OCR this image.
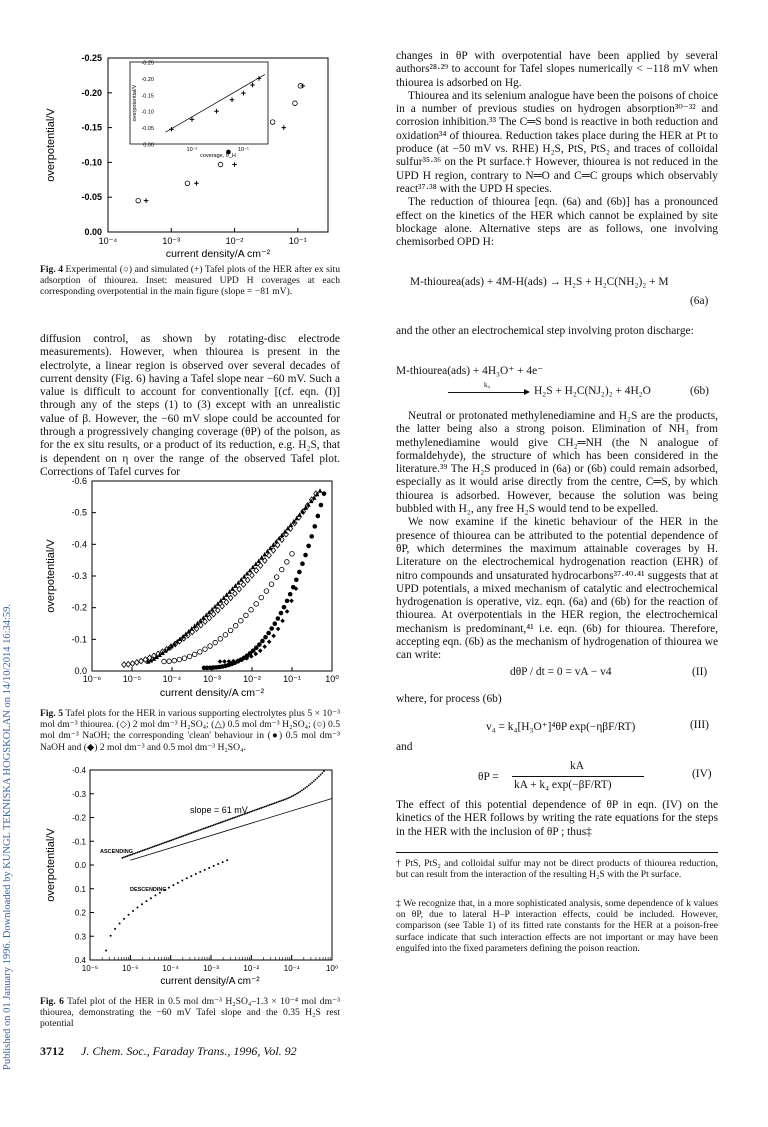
Published on 01 January 1996. Downloaded by KUNGL TEKNISKA HOGSKOLAN on 14/10/2014 16:34:59.
10⁻⁴	10⁻³	10⁻²	10⁻¹
0.00
-0.05
-0.10
-0.15
-0.20
-0.25
current density/A cm⁻²
overpotential/V	0.00
-0.05
-0.10
-0.15
-0.20
-0.25
10⁻²	10⁻¹
coverage, θ_H
overpotential/V
Fig. 4 Experimental (○) and simulated (+) Tafel plots of the HER after ex situ adsorption of thiourea. Inset: measured UPD H coverages at each corresponding overpotential in the main figure (slope = −81 mV).

diffusion control, as shown by rotating-disc electrode measurements). However, when thiourea is present in the electrolyte, a linear region is observed over several decades of current density (Fig. 6) having a Tafel slope near −60 mV. Such a value is difficult to account for conventionally [(cf. eqn. (I)] through any of the steps (1) to (3) except with an unrealistic value of β. However, the −60 mV slope could be accounted for through a progressively changing coverage (θP) of the poison, as for the ex situ results, or a product of its reduction, e.g. H₂S, that is dependent on η over the range of the observed Tafel plot. Corrections of Tafel curves for

10⁻⁶ 10⁻⁵ 10⁻⁴ 10⁻³ 10⁻² 10⁻¹	10⁰
0.0
-0.1
-0.2
-0.3
-0.4
-0.5
-0.6
current density/A cm⁻²
overpotential/V
Fig. 5 Tafel plots for the HER in various supporting electrolytes plus 5 × 10⁻³ mol dm⁻³ thiourea. (◇) 2 mol dm⁻³ H₂SO₄; (△) 0.5 mol dm⁻³ H₂SO₄; (○) 0.5 mol dm⁻³ NaOH; the corresponding 'clean' behaviour in (●) 0.5 mol dm⁻³ NaOH and (◆) 2 mol dm⁻³ and 0.5 mol dm⁻³ H₂SO₄.
10⁻⁶	10⁻⁵	10⁻⁴	10⁻³	10⁻²	10⁻¹	10⁰
-0.4
-0.3
-0.2
-0.1
0.0
0.1
0.2
0.3
0.4
current density/A cm⁻²
overpotential/V
slope = 61 mV
ASCENDING
DESCENDING
Fig. 6 Tafel plot of the HER in 0.5 mol dm⁻³ H₂SO₄–1.3 × 10⁻⁴ mol dm⁻³ thiourea, demonstrating the −60 mV Tafel slope and the 0.35 H₂S rest potential

changes in θP with overpotential have been applied by several authors²⁸·²⁹ to account for Tafel slopes numerically < −118 mV when thiourea is adsorbed on Hg.

Thiourea and its selenium analogue have been the poisons of choice in a number of previous studies on hydrogen absorption³⁰⁻³² and corrosion inhibition.³³ The C═S bond is reactive in both reduction and oxidation³⁴ of thiourea. Reduction takes place during the HER at Pt to produce (at −50 mV vs. RHE) H₂S, PtS, PtS₂ and traces of colloidal sulfur³⁵·³⁶ on the Pt surface.† However, thiourea is not reduced in the UPD H region, contrary to N═O and C═C groups which observably react³⁷·³⁸ with the UPD H species.

The reduction of thiourea [eqn. (6a) and (6b)] has a pronounced effect on the kinetics of the HER which cannot be explained by site blockage alone. Alternative steps are as follows, one involving chemisorbed OPD H:

M-thiourea(ads) + 4M-H(ads) → H₂S + H₂C(NH₂)₂ + M
(6a)

and the other an electrochemical step involving proton discharge:

M-thiourea(ads) + 4H₃O⁺ + 4e⁻
k₄	H₂S + H₂C(NJ₂)₂ + 4H₂O	(6b)

Neutral or protonated methylenediamine and H₂S are the products, the latter being also a strong poison. Elimination of NH₃ from methylenediamine would give CH₂═NH (the N analogue of formaldehyde), the structure of which has been considered in the literature.³⁹ The H₂S produced in (6a) or (6b) could remain adsorbed, especially as it would arise directly from the centre, C═S, by which thiourea is adsorbed. However, because the solution was being bubbled with H₂, any free H₂S would tend to be expelled.

We now examine if the kinetic behaviour of the HER in the presence of thiourea can be attributed to the potential dependence of θP, which determines the maximum attainable coverages by H. Literature on the electrochemical hydrogenation reaction (EHR) of nitro compounds and unsaturated hydrocarbons³⁷·⁴⁰·⁴¹ suggests that at UPD potentials, a mixed mechanism of catalytic and electrochemical hydrogenation is operative, viz. eqn. (6a) and (6b) for the reaction of thiourea. At overpotentials in the HER region, the electrochemical mechanism is predominant,⁴¹ i.e. eqn. (6b) for thiourea. Therefore, accepting eqn. (6b) as the mechanism of hydrogenation of thiourea we can write:

dθP / dt = 0 = vA − v4	(II)
where, for process (6b)
v₄ = k₄[H₃O⁺]⁴θP exp(−ηβF/RT)	(III)
and
θP =
kA
kA + k₄ exp(−βF/RT)
(IV)

The effect of this potential dependence of θP in eqn. (IV) on the kinetics of the HER follows by writing the rate equations for the steps in the HER with the inclusion of θP ; thus‡

† PtS, PtS₂ and colloidal sulfur may not be direct products of thiourea reduction, but can result from the interaction of the resulting H₂S with the Pt surface.
‡ We recognize that, in a more sophisticated analysis, some dependence of k values on θP, due to lateral H–P interaction effects, could be included. However, comparison (see Table 1) of its fitted rate constants for the HER at a poison-free surface indicate that such interaction effects are not important or may have been engulfed into the fixed parameters defining the poison reaction.
3712 J. Chem. Soc., Faraday Trans., 1996, Vol. 92
